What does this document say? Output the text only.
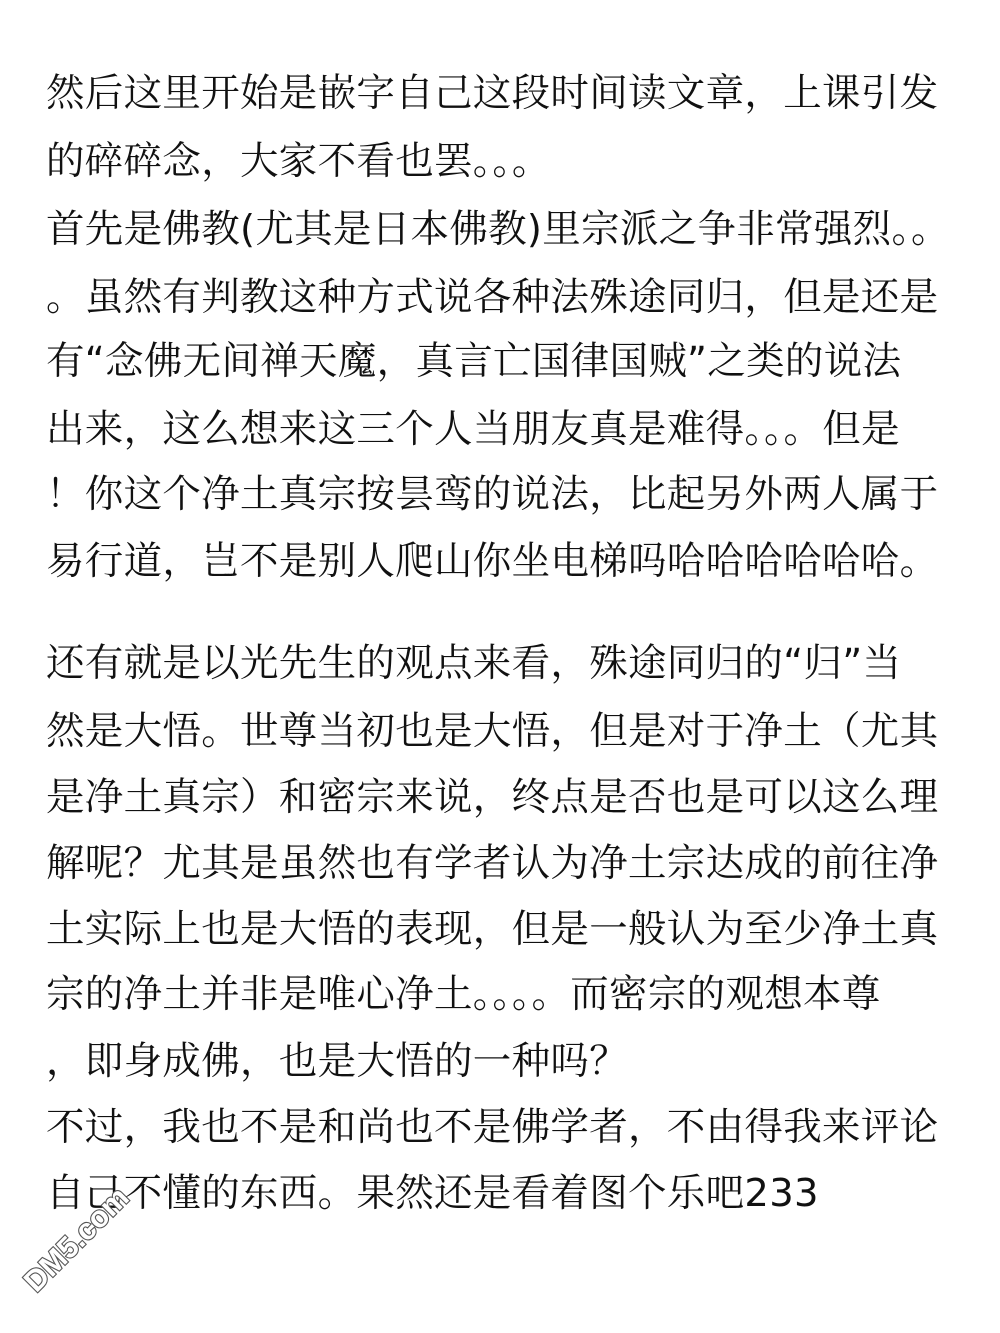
然后这里开始是嵌字自己这段时间读文章，上课引发
的碎碎念，大家不看也罢。。。
首先是佛教(尤其是日本佛教)里宗派之争非常强烈。。
。虽然有判教这种方式说各种法殊途同归，但是还是
有“念佛无间禅天魔，真言亡国律国贼”之类的说法
出来，这么想来这三个人当朋友真是难得。。。但是
！你这个净土真宗按昙鸾的说法，比起另外两人属于
易行道，岂不是别人爬山你坐电梯吗哈哈哈哈哈哈。
还有就是以光先生的观点来看，殊途同归的“归”当
然是大悟。世尊当初也是大悟，但是对于净土（尤其
是净土真宗）和密宗来说，终点是否也是可以这么理
解呢？尤其是虽然也有学者认为净土宗达成的前往净
土实际上也是大悟的表现，但是一般认为至少净土真
宗的净土并非是唯心净土。。。。而密宗的观想本尊
，即身成佛，也是大悟的一种吗？
不过，我也不是和尚也不是佛学者，不由得我来评论
自己不懂的东西。果然还是看着图个乐吧233
DM5.com
